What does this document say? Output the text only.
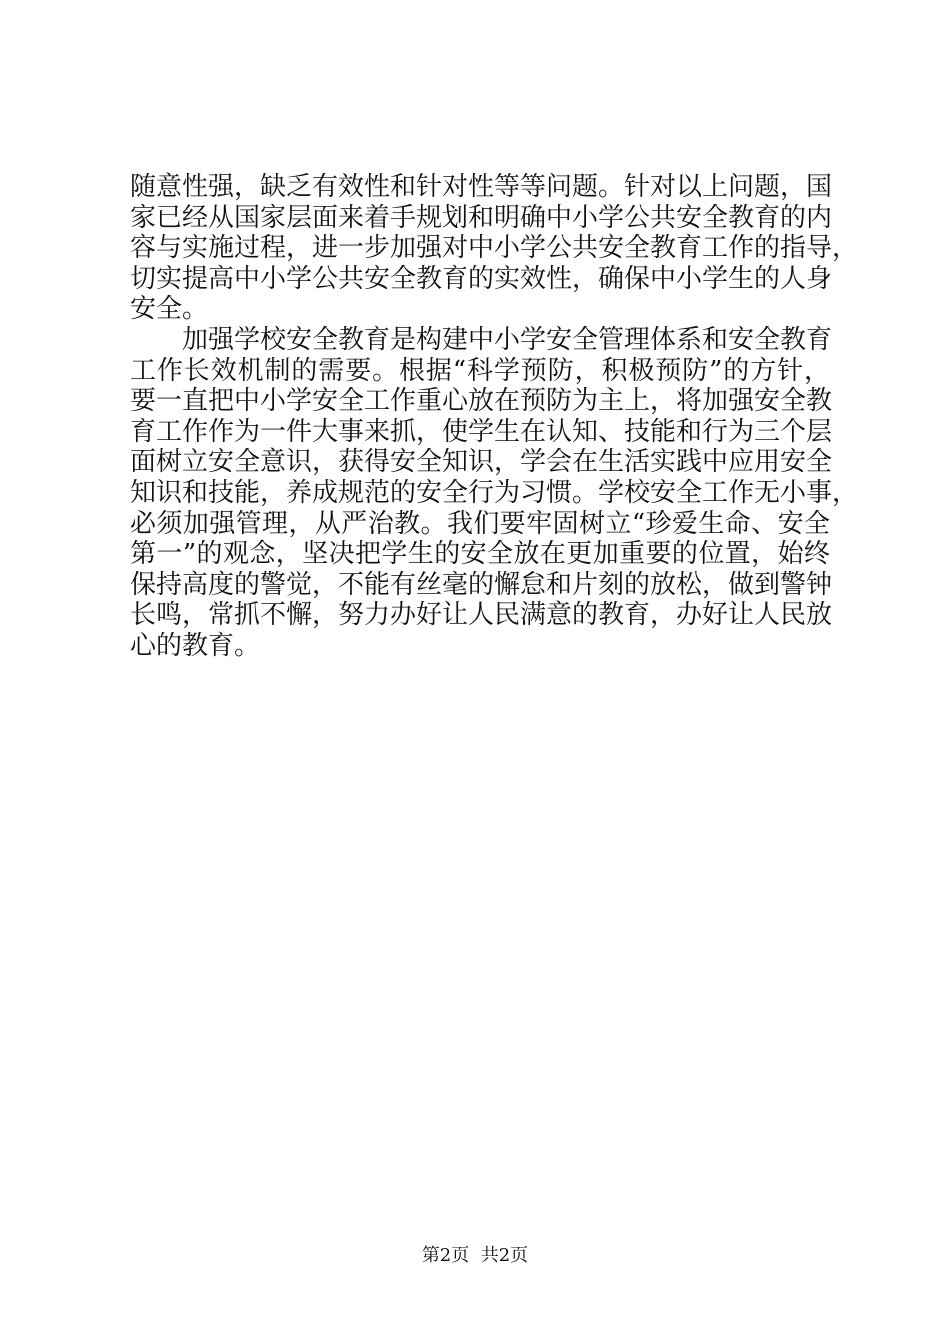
随意性强，缺乏有效性和针对性等等问题。针对以上问题，国
家已经从国家层面来着手规划和明确中小学公共安全教育的内
容与实施过程，进一步加强对中小学公共安全教育工作的指导，
切实提高中小学公共安全教育的实效性，确保中小学生的人身
安全。
　　加强学校安全教育是构建中小学安全管理体系和安全教育
工作长效机制的需要。根据“科学预防，积极预防”的方针，
要一直把中小学安全工作重心放在预防为主上，将加强安全教
育工作作为一件大事来抓，使学生在认知、技能和行为三个层
面树立安全意识，获得安全知识，学会在生活实践中应用安全
知识和技能，养成规范的安全行为习惯。学校安全工作无小事，
必须加强管理，从严治教。我们要牢固树立“珍爱生命、安全
第一”的观念，坚决把学生的安全放在更加重要的位置，始终
保持高度的警觉，不能有丝毫的懈怠和片刻的放松，做到警钟
长鸣，常抓不懈，努力办好让人民满意的教育，办好让人民放
心的教育。
第2页  共2页
